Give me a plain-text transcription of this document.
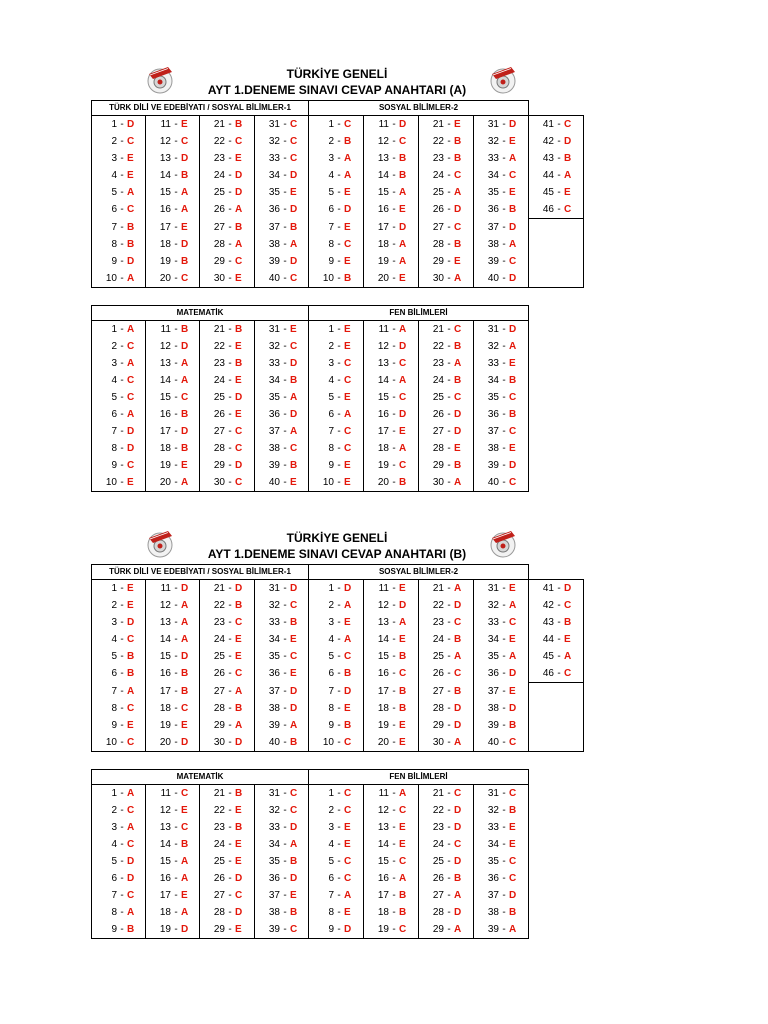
TÜRKİYE GENELİ
AYT 1.DENEME SINAVI CEVAP ANAHTARI (A)
TÜRK DİLİ VE EDEBİYATI / SOSYAL BİLİMLER-1				SOSYAL BİLİMLER-2				
1 - D	11 - E	21 - B	31 - C	1 - C	11 - D	21 - E	31 - D	41 - C
2 - C	12 - C	22 - C	32 - C	2 - B	12 - C	22 - B	32 - E	42 - D
3 - E	13 - D	23 - E	33 - C	3 - A	13 - B	23 - B	33 - A	43 - B
4 - E	14 - B	24 - D	34 - D	4 - A	14 - B	24 - C	34 - C	44 - A
5 - A	15 - A	25 - D	35 - E	5 - E	15 - A	25 - A	35 - E	45 - E
6 - C	16 - A	26 - A	36 - D	6 - D	16 - E	26 - D	36 - B	46 - C
7 - B	17 - E	27 - B	37 - B	7 - E	17 - D	27 - C	37 - D	
8 - B	18 - D	28 - A	38 - A	8 - C	18 - A	28 - B	38 - A	
9 - D	19 - B	29 - C	39 - D	9 - E	19 - A	29 - E	39 - C	
10 - A	20 - C	30 - E	40 - C	10 - B	20 - E	30 - A	40 - D	
MATEMATİK				FEN BİLİMLERİ			
1 - A	11 - B	21 - B	31 - E	1 - E	11 - A	21 - C	31 - D
2 - C	12 - D	22 - E	32 - C	2 - E	12 - D	22 - B	32 - A
3 - A	13 - A	23 - B	33 - D	3 - C	13 - C	23 - A	33 - E
4 - C	14 - A	24 - E	34 - B	4 - C	14 - A	24 - B	34 - B
5 - C	15 - C	25 - D	35 - A	5 - E	15 - C	25 - C	35 - C
6 - A	16 - B	26 - E	36 - D	6 - A	16 - D	26 - D	36 - B
7 - D	17 - D	27 - C	37 - A	7 - C	17 - E	27 - D	37 - C
8 - D	18 - B	28 - C	38 - C	8 - C	18 - A	28 - E	38 - E
9 - C	19 - E	29 - D	39 - B	9 - E	19 - C	29 - B	39 - D
10 - E	20 - A	30 - C	40 - E	10 - E	20 - B	30 - A	40 - C
TÜRKİYE GENELİ
AYT 1.DENEME SINAVI CEVAP ANAHTARI (B)
TÜRK DİLİ VE EDEBİYATI / SOSYAL BİLİMLER-1				SOSYAL BİLİMLER-2				
1 - E	11 - D	21 - D	31 - D	1 - D	11 - E	21 - A	31 - E	41 - D
2 - E	12 - A	22 - B	32 - C	2 - A	12 - D	22 - D	32 - A	42 - C
3 - D	13 - A	23 - C	33 - B	3 - E	13 - A	23 - C	33 - C	43 - B
4 - C	14 - A	24 - E	34 - E	4 - A	14 - E	24 - B	34 - E	44 - E
5 - B	15 - D	25 - E	35 - C	5 - C	15 - B	25 - A	35 - A	45 - A
6 - B	16 - B	26 - C	36 - E	6 - B	16 - C	26 - C	36 - D	46 - C
7 - A	17 - B	27 - A	37 - D	7 - D	17 - B	27 - B	37 - E	
8 - C	18 - C	28 - B	38 - D	8 - E	18 - B	28 - D	38 - D	
9 - E	19 - E	29 - A	39 - A	9 - B	19 - E	29 - D	39 - B	
10 - C	20 - D	30 - D	40 - B	10 - C	20 - E	30 - A	40 - C	
MATEMATİK				FEN BİLİMLERİ			
1 - A	11 - C	21 - B	31 - C	1 - C	11 - A	21 - C	31 - C
2 - C	12 - E	22 - E	32 - C	2 - C	12 - C	22 - D	32 - B
3 - A	13 - C	23 - B	33 - D	3 - E	13 - E	23 - D	33 - E
4 - C	14 - B	24 - E	34 - A	4 - E	14 - E	24 - C	34 - E
5 - D	15 - A	25 - E	35 - B	5 - C	15 - C	25 - D	35 - C
6 - D	16 - A	26 - D	36 - D	6 - C	16 - A	26 - B	36 - C
7 - C	17 - E	27 - C	37 - E	7 - A	17 - B	27 - A	37 - D
8 - A	18 - A	28 - D	38 - B	8 - E	18 - B	28 - D	38 - B
9 - B	19 - D	29 - E	39 - C	9 - D	19 - C	29 - A	39 - A
